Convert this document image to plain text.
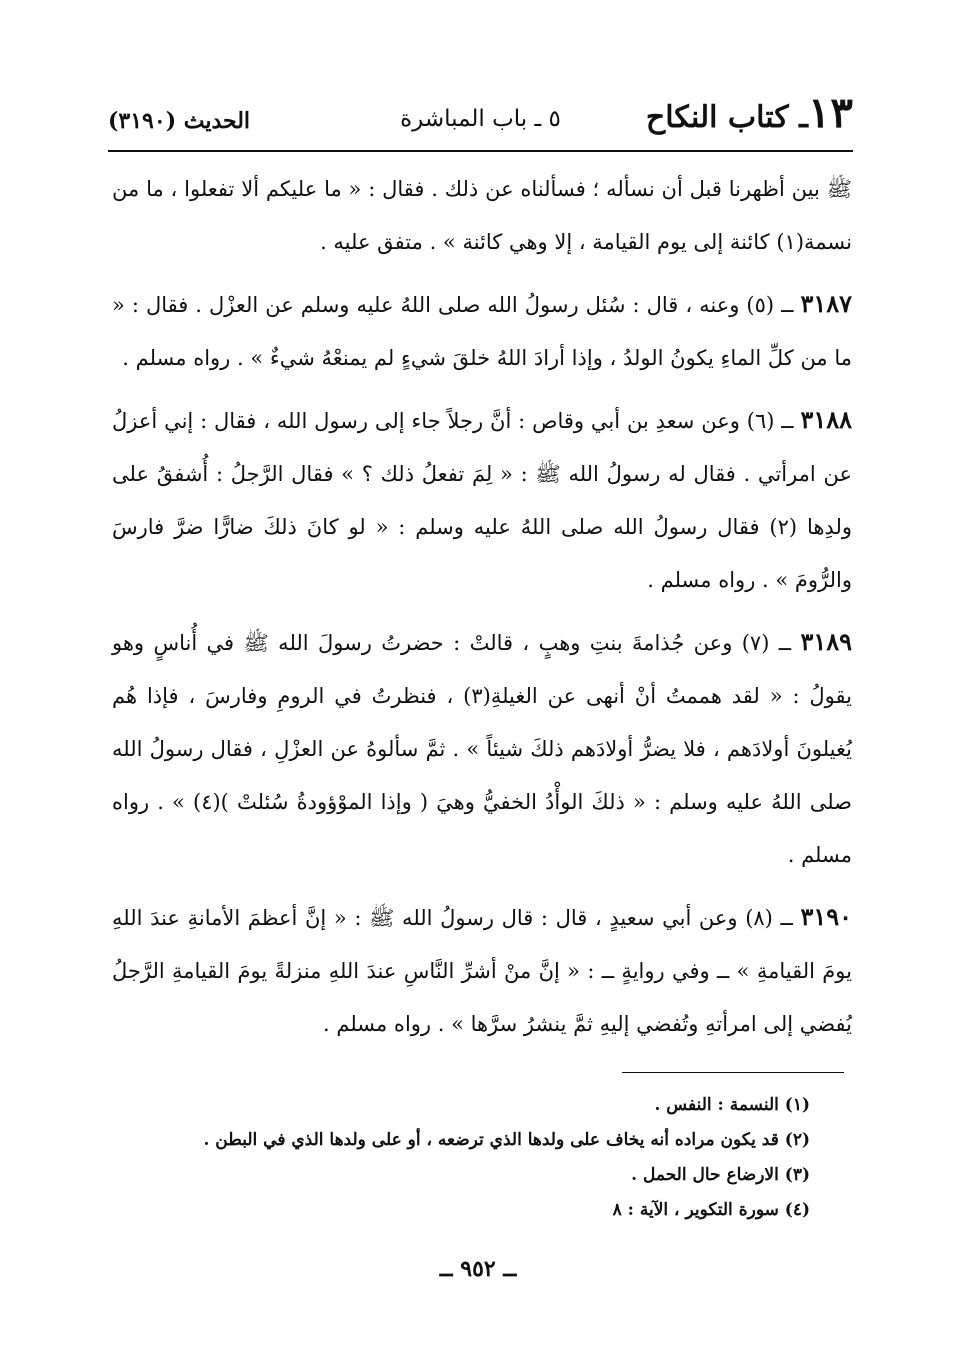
١٣ـ كتاب النكاح
٥ ـ باب المباشرة
الحديث (٣١٩٠)

ﷺ بين أظهرنا قبل أن نسأله ؛ فسألناه عن ذلك . فقال : « ما عليكم ألا تفعلوا ، ما من نسمة(١) كائنة إلى يوم القيامة ، إلا وهي كائنة » . متفق عليه .

٣١٨٧ ــ (٥) وعنه ، قال : سُئل رسولُ الله صلى اللهُ عليه وسلم عن العزْل . فقال : « ما من كلِّ الماءِ يكونُ الولدُ ، وإذا أرادَ اللهُ خلقَ شيءٍ لم يمنعْهُ شيءٌ » . رواه مسلم .

٣١٨٨ ــ (٦) وعن سعدِ بن أبي وقاص : أنَّ رجلاً جاء إلى رسول الله ، فقال : إني أعزلُ عن امرأتي . فقال له رسولُ الله ﷺ : « لِمَ تفعلُ ذلك ؟ » فقال الرَّجلُ : أُشفقُ على ولدِها (٢) فقال رسولُ الله صلى اللهُ عليه وسلم : « لو كانَ ذلكَ ضارًّا ضرَّ فارسَ والرُّومَ » . رواه مسلم .

٣١٨٩ ــ (٧) وعن جُذامةَ بنتِ وهبٍ ، قالتْ : حضرتُ رسولَ الله ﷺ في أُناسٍ وهو يقولُ : « لقد هممتُ أنْ أنهى عن الغيلةِ(٣) ، فنظرتُ في الرومِ وفارسَ ، فإذا هُم يُغيلونَ أولادَهم ، فلا يضرُّ أولادَهم ذلكَ شيئاً » . ثمَّ سألوهُ عن العزْلِ ، فقال رسولُ الله صلى اللهُ عليه وسلم : « ذلكَ الوأْدُ الخفيُّ وهيَ ( وإذا الموْؤودةُ سُئلتْ )(٤) » . رواه مسلم .

٣١٩٠ ــ (٨) وعن أبي سعيدٍ ، قال : قال رسولُ الله ﷺ : « إنَّ أعظمَ الأمانةِ عندَ اللهِ يومَ القيامةِ » ــ وفي روايةٍ ــ : « إنَّ منْ أشرِّ النَّاسِ عندَ اللهِ منزلةً يومَ القيامةِ الرَّجلُ يُفضي إلى امرأتهِ وتُفضي إليهِ ثمَّ ينشرُ سرَّها » . رواه مسلم .

(١) النسمة : النفس .
(٢) قد يكون مراده أنه يخاف على ولدها الذي ترضعه ، أو على ولدها الذي في البطن .
(٣) الارضاع حال الحمل .
(٤) سورة التكوير ، الآية : ٨
ــ ٩٥٢ ــ
